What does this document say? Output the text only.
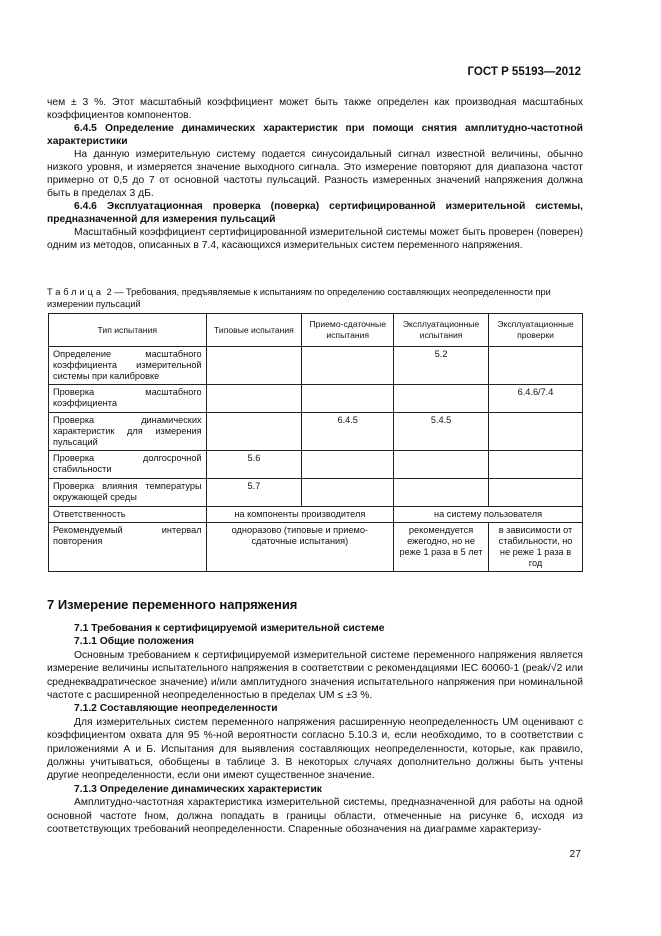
ГОСТ Р 55193—2012

чем ± 3 %. Этот масштабный коэффициент может быть также определен как производная масштабных коэффициентов компонентов.

6.4.5 Определение динамических характеристик при помощи снятия амплитудно-частотной характеристики

На данную измерительную систему подается синусоидальный сигнал известной величины, обычно низкого уровня, и измеряется значение выходного сигнала. Это измерение повторяют для диапазона частот примерно от 0,5 до 7 от основной частоты пульсаций. Разность измеренных значений напряжения должна быть в пределах 3 дБ.

6.4.6 Эксплуатационная проверка (поверка) сертифицированной измерительной системы, предназначенной для измерения пульсаций

Масштабный коэффициент сертифицированной измерительной системы может быть проверен (поверен) одним из методов, описанных в 7.4, касающихся измерительных систем переменного напряжения.

Таблица 2 — Требования, предъявляемые к испытаниям по определению составляющих неопределенности при измерении пульсаций
Тип испытания	Типовые испытания	Приемо-сдаточные испытания	Эксплуатационные испытания	Эксплуатационные проверки
Определение масштабного коэффициента измерительной системы при калибровке			5.2	
Проверка масштабного коэффициента				6.4.6/7.4
Проверка динамических характеристик для измерения пульсаций		6.4.5	5.4.5	
Проверка долгосрочной стабильности	5.6			
Проверка влияния температуры окружающей среды	5.7			
Ответственность	на компоненты производителя		на систему пользователя	
Рекомендуемый интервал повторения	одноразово (типовые и приемо-сдаточные испытания)		рекомендуется ежегодно, но не реже 1 раза в 5 лет	в зависимости от стабильности, но не реже 1 раза в год
7 Измерение переменного напряжения

7.1 Требования к сертифицируемой измерительной системе

7.1.1 Общие положения

Основным требованием к сертифицируемой измерительной системе переменного напряжения является измерение величины испытательного напряжения в соответствии с рекомендациями IEC 60060-1 (peak/√2 или среднеквадратическое значение) и/или амплитудного значения испытательного напряжения при номинальной частоте с расширенной неопределенностью в пределах UM ≤ ±3 %.

7.1.2 Составляющие неопределенности

Для измерительных систем переменного напряжения расширенную неопределенность UM оценивают с коэффициентом охвата для 95 %-ной вероятности согласно 5.10.3 и, если необходимо, то в соответствии с приложениями А и Б. Испытания для выявления составляющих неопределенности, которые, как правило, должны учитываться, обобщены в таблице 3. В некоторых случаях дополнительно должны быть учтены другие неопределенности, если они имеют существенное значение.

7.1.3 Определение динамических характеристик

Амплитудно-частотная характеристика измерительной системы, предназначенной для работы на одной основной частоте fном, должна попадать в границы области, отмеченные на рисунке 6, исходя из соответствующих требований неопределенности. Спаренные обозначения на диаграмме характеризу-

27
